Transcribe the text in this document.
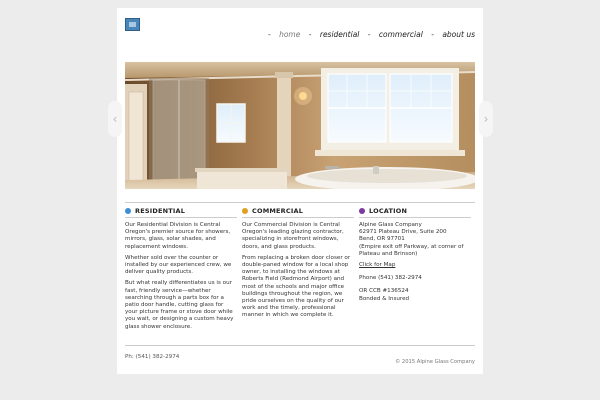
- home - residential - commercial - about us
RESIDENTIAL

Our Residential Division is Central Oregon's premier source for showers, mirrors, glass, solar shades, and replacement windows.

Whether sold over the counter or installed by our experienced crew, we deliver quality products.

But what really differentiates us is our fast, friendly service—whether searching through a parts box for a patio door handle, cutting glass for your picture frame or stove door while you wait, or designing a custom heavy glass shower enclosure.

COMMERCIAL

Our Commercial Division is Central Oregon's leading glazing contractor, specializing in storefront windows, doors, and glass products.

From replacing a broken door closer or double-paned window for a local shop owner, to installing the windows at Roberts Field (Redmond Airport) and most of the schools and major office buildings throughout the region, we pride ourselves on the quality of our work and the timely, professional manner in which we complete it.

LOCATION

Alpine Glass Company

62971 Plateau Drive, Suite 200

Bend, OR 97701

(Empire exit off Parkway, at corner of Plateau and Brinson)

Click for Map

Phone (541) 382-2974

OR CCB #136524

Bonded & Insured

Ph: (541) 382-2974
© 2015 Alpine Glass Company
‹	›
